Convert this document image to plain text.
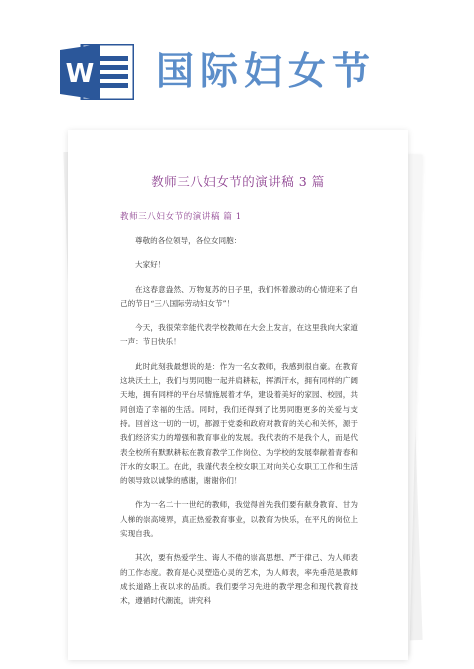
W 国际妇女节
教师三八妇女节的演讲稿 3 篇
教师三八妇女节的演讲稿 篇 1

尊敬的各位领导，各位女同胞：

大家好！

在这春意盎然、万物复苏的日子里，我们怀着激动的心情迎来了自己的节日“三八国际劳动妇女节”！

今天，我很荣幸能代表学校教师在大会上发言，在这里我向大家道一声：节日快乐！

此时此刻我最想说的是：作为一名女教师，我感到很自豪。在教育这块沃土上，我们与男同胞一起并肩耕耘，挥洒汗水，拥有同样的广阔天地，拥有同样的平台尽情施展着才华，建设着美好的家园、校园，共同创造了幸福的生活。同时，我们还得到了比男同胞更多的关爱与支持。回首这一切的一切，都源于党委和政府对教育的关心和关怀，源于我们经济实力的增强和教育事业的发展。我代表的不是我个人，而是代表全校所有默默耕耘在教育教学工作岗位、为学校的发展奉献着青春和汗水的女职工。在此，我谨代表全校女职工对向关心女职工工作和生活的领导致以诚挚的感谢，谢谢你们！

作为一名二十一世纪的教师，我觉得首先我们要有献身教育、甘为人梯的崇高境界，真正热爱教育事业，以教育为快乐，在平凡的岗位上实现自我。

其次，要有热爱学生、诲人不倦的崇高思想、严于律己、为人师表的工作态度。教育是心灵塑造心灵的艺术，为人师表，率先垂范是教师成长道路上夜以求的品质。我们要学习先进的教学理念和现代教育技术，遵循时代潮流，讲究科
